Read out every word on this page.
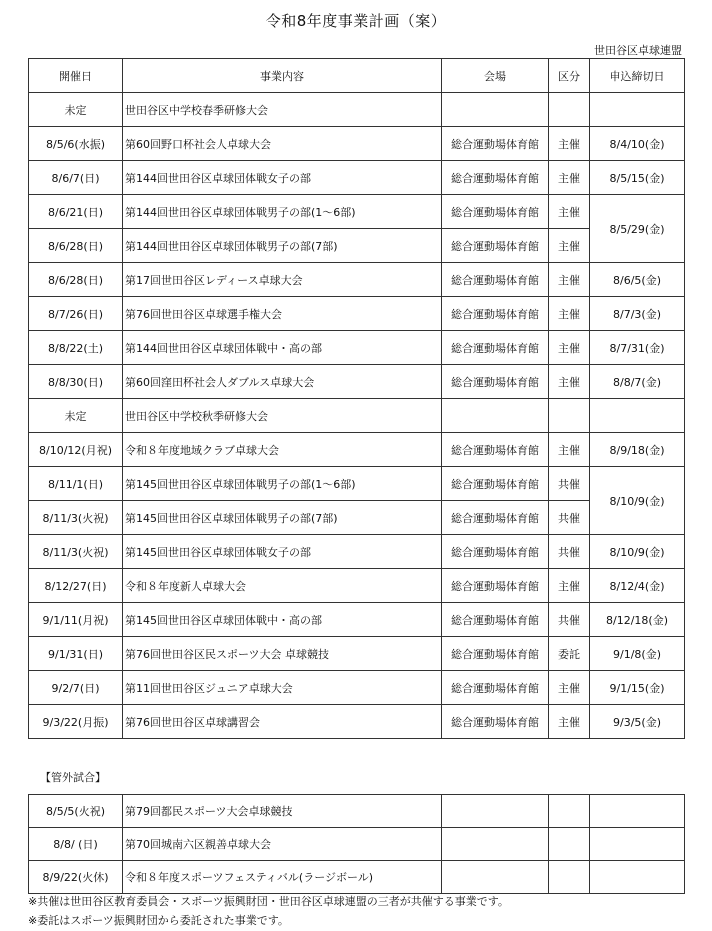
令和8年度事業計画（案）
世田谷区卓球連盟
開催日	事業内容	会場	区分	申込締切日
未定	世田谷区中学校春季研修大会			
8/5/6(水振)	第60回野口杯社会人卓球大会	総合運動場体育館	主催	8/4/10(金)
8/6/7(日)	第144回世田谷区卓球団体戦女子の部	総合運動場体育館	主催	8/5/15(金)
8/6/21(日)	第144回世田谷区卓球団体戦男子の部(1〜6部)	総合運動場体育館	主催	8/5/29(金)
8/6/28(日)	第144回世田谷区卓球団体戦男子の部(7部)	総合運動場体育館	主催	
8/6/28(日)	第17回世田谷区レディース卓球大会	総合運動場体育館	主催	8/6/5(金)
8/7/26(日)	第76回世田谷区卓球選手権大会	総合運動場体育館	主催	8/7/3(金)
8/8/22(土)	第144回世田谷区卓球団体戦中・高の部	総合運動場体育館	主催	8/7/31(金)
8/8/30(日)	第60回窪田杯社会人ダブルス卓球大会	総合運動場体育館	主催	8/8/7(金)
未定	世田谷区中学校秋季研修大会			
8/10/12(月祝)	令和８年度地域クラブ卓球大会	総合運動場体育館	主催	8/9/18(金)
8/11/1(日)	第145回世田谷区卓球団体戦男子の部(1〜6部)	総合運動場体育館	共催	8/10/9(金)
8/11/3(火祝)	第145回世田谷区卓球団体戦男子の部(7部)	総合運動場体育館	共催	
8/11/3(火祝)	第145回世田谷区卓球団体戦女子の部	総合運動場体育館	共催	8/10/9(金)
8/12/27(日)	令和８年度新人卓球大会	総合運動場体育館	主催	8/12/4(金)
9/1/11(月祝)	第145回世田谷区卓球団体戦中・高の部	総合運動場体育館	共催	8/12/18(金)
9/1/31(日)	第76回世田谷区民スポーツ大会 卓球競技	総合運動場体育館	委託	9/1/8(金)
9/2/7(日)	第11回世田谷区ジュニア卓球大会	総合運動場体育館	主催	9/1/15(金)
9/3/22(月振)	第76回世田谷区卓球講習会	総合運動場体育館	主催	9/3/5(金)
【管外試合】
8/5/5(火祝)	第79回都民スポーツ大会卓球競技			
8/8/ (日)	第70回城南六区親善卓球大会			
8/9/22(火休)	令和８年度スポーツフェスティバル(ラージボール)			
※共催は世田谷区教育委員会・スポーツ振興財団・世田谷区卓球連盟の三者が共催する事業です。
※委託はスポーツ振興財団から委託された事業です。
